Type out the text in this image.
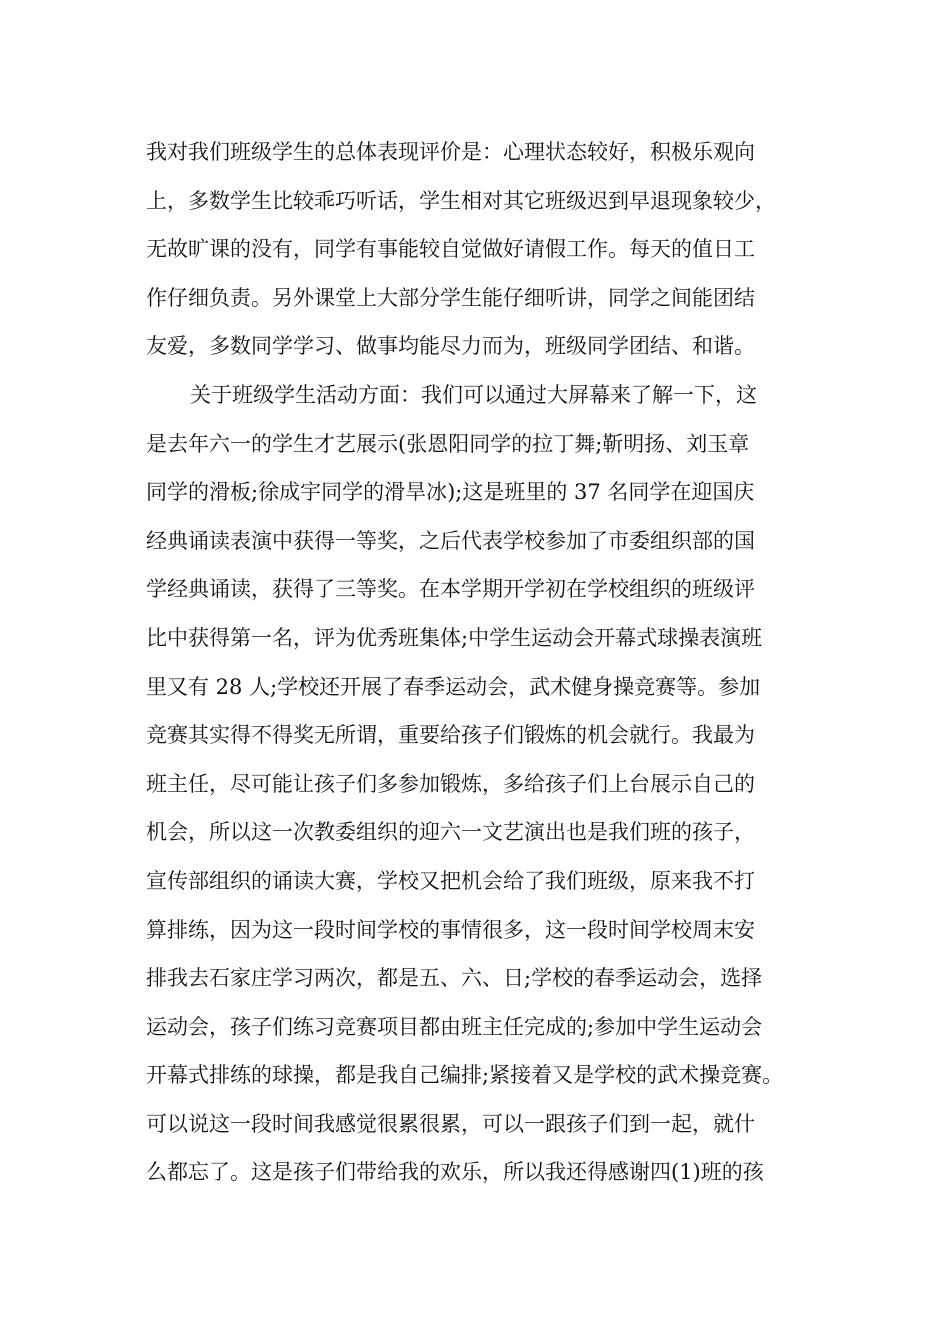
我对我们班级学生的总体表现评价是：心理状态较好，积极乐观向
上，多数学生比较乖巧听话，学生相对其它班级迟到早退现象较少，
无故旷课的没有，同学有事能较自觉做好请假工作。每天的值日工
作仔细负责。另外课堂上大部分学生能仔细听讲，同学之间能团结
友爱，多数同学学习、做事均能尽力而为，班级同学团结、和谐。
关于班级学生活动方面：我们可以通过大屏幕来了解一下，这
是去年六一的学生才艺展示(张恩阳同学的拉丁舞;靳明扬、刘玉章
同学的滑板;徐成宇同学的滑旱冰);这是班里的 37 名同学在迎国庆
经典诵读表演中获得一等奖，之后代表学校参加了市委组织部的国
学经典诵读，获得了三等奖。在本学期开学初在学校组织的班级评
比中获得第一名，评为优秀班集体;中学生运动会开幕式球操表演班
里又有 28 人;学校还开展了春季运动会，武术健身操竞赛等。参加
竞赛其实得不得奖无所谓，重要给孩子们锻炼的机会就行。我最为
班主任，尽可能让孩子们多参加锻炼，多给孩子们上台展示自己的
机会，所以这一次教委组织的迎六一文艺演出也是我们班的孩子，
宣传部组织的诵读大赛，学校又把机会给了我们班级，原来我不打
算排练，因为这一段时间学校的事情很多，这一段时间学校周末安
排我去石家庄学习两次，都是五、六、日;学校的春季运动会，选择
运动会，孩子们练习竞赛项目都由班主任完成的;参加中学生运动会
开幕式排练的球操，都是我自己编排;紧接着又是学校的武术操竞赛。
可以说这一段时间我感觉很累很累，可以一跟孩子们到一起，就什
么都忘了。这是孩子们带给我的欢乐，所以我还得感谢四(1)班的孩
